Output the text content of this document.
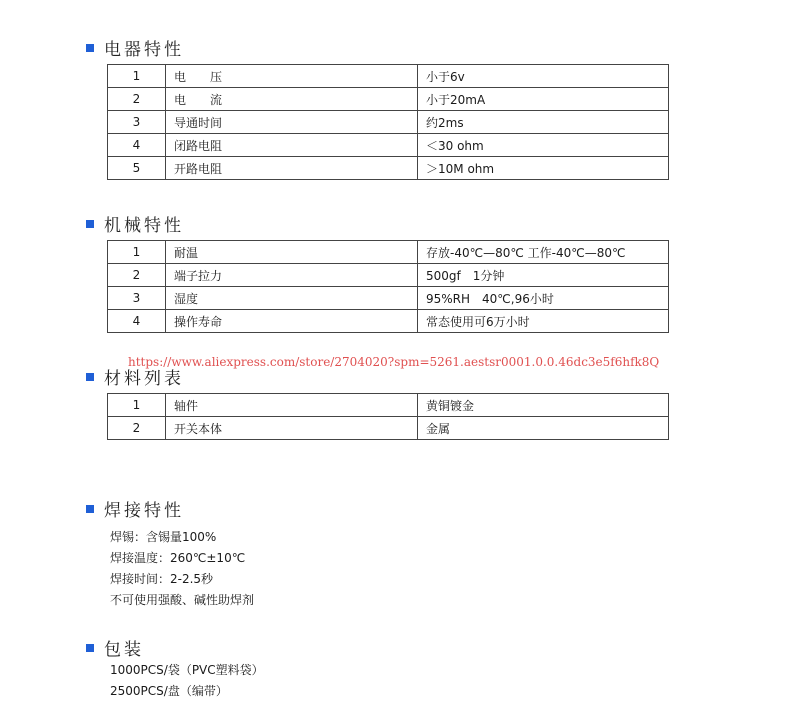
电器特性
1	电　　压	小于6v
2	电　　流	小于20mA
3	导通时间	约2ms
4	闭路电阻	＜30 ohm
5	开路电阻	＞10M ohm
机械特性
1	耐温	存放-40℃—80℃ 工作-40℃—80℃
2	端子拉力	500gf　1分钟
3	湿度	95%RH　40℃,96小时
4	操作寿命	常态使用可6万小时
材料列表
https://www.aliexpress.com/store/2704020?spm=5261.aestsr0001.0.0.46dc3e5f6hfk8Q
1	轴件	黄铜镀金
2	开关本体	金属
焊接特性
焊锡：含锡量100%
焊接温度：260℃±10℃
焊接时间：2-2.5秒
不可使用强酸、碱性助焊剂
包装
1000PCS/袋（PVC塑料袋）
2500PCS/盘（编带）
